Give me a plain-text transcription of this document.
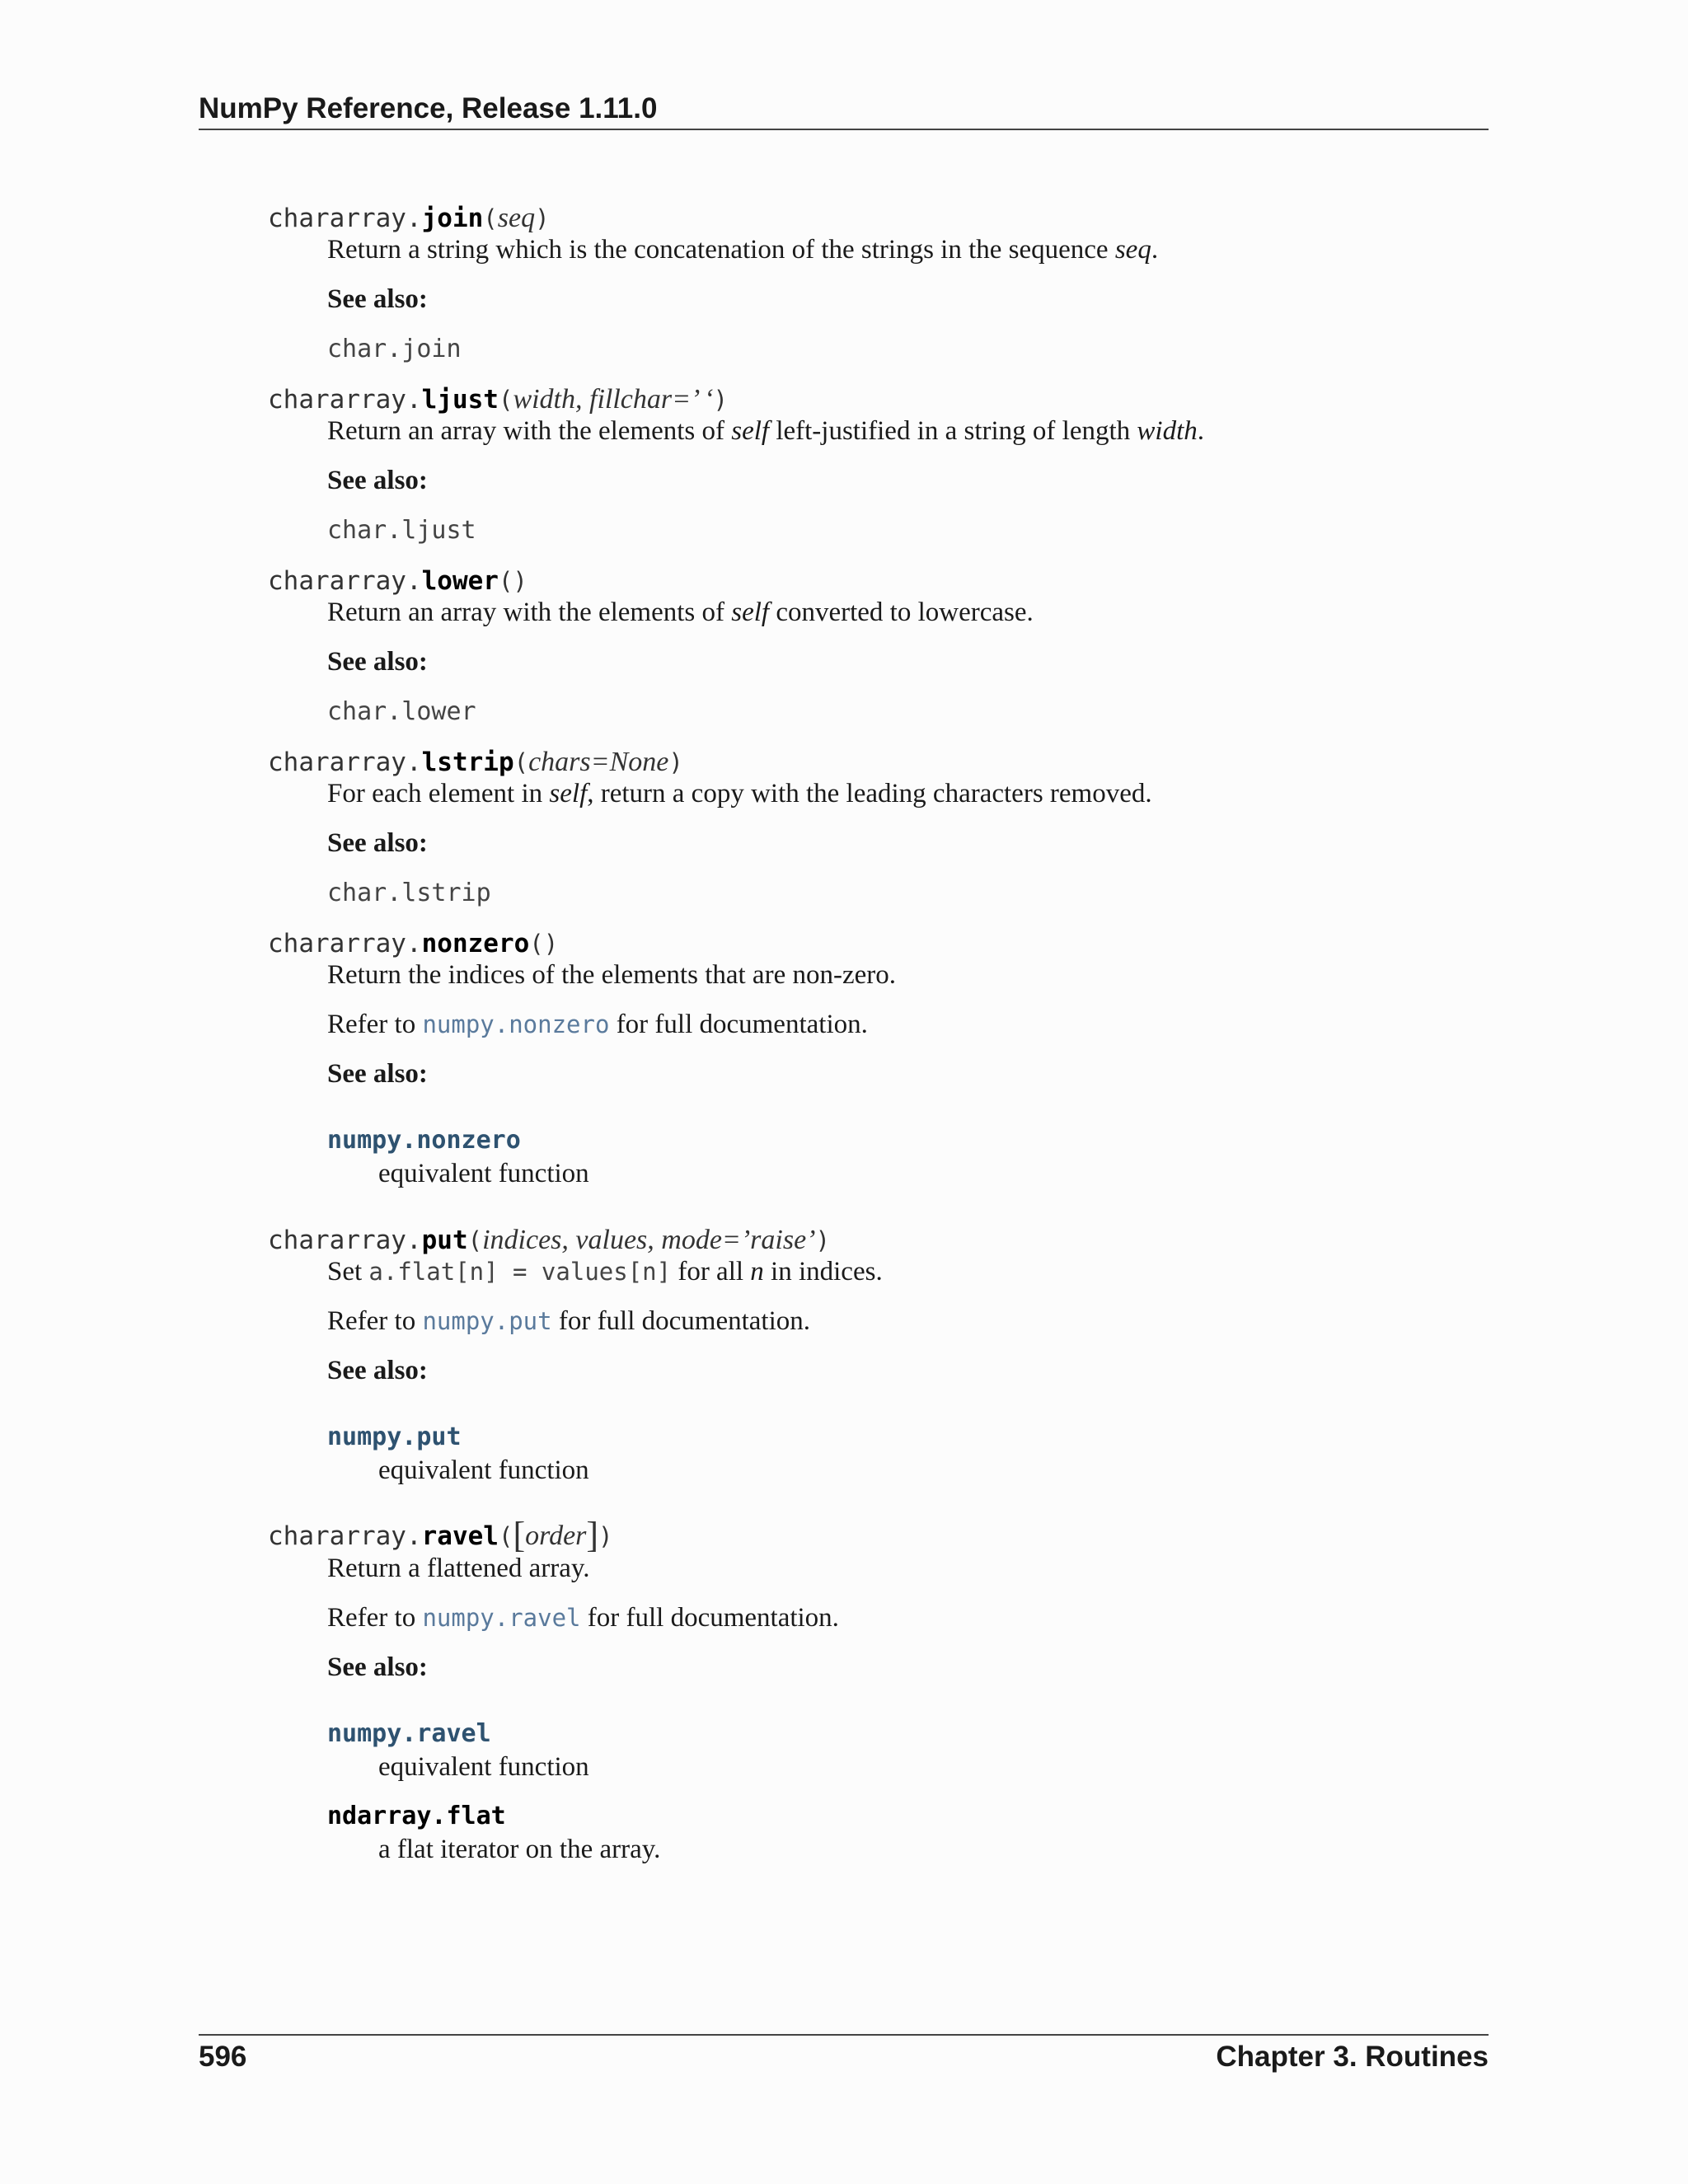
NumPy Reference, Release 1.11.0
chararray.join(seq)
Return a string which is the concatenation of the strings in the sequence seq.
See also:
char.join
chararray.ljust(width, fillchar=’ ‘)
Return an array with the elements of self left-justified in a string of length width.
See also:
char.ljust
chararray.lower()
Return an array with the elements of self converted to lowercase.
See also:
char.lower
chararray.lstrip(chars=None)
For each element in self, return a copy with the leading characters removed.
See also:
char.lstrip
chararray.nonzero()
Return the indices of the elements that are non-zero.
Refer to numpy.nonzero for full documentation.
See also:
numpy.nonzero
equivalent function
chararray.put(indices, values, mode=’raise’)
Set a.flat[n] = values[n] for all n in indices.
Refer to numpy.put for full documentation.
See also:
numpy.put
equivalent function
chararray.ravel([order])
Return a flattened array.
Refer to numpy.ravel for full documentation.
See also:
numpy.ravel
equivalent function
ndarray.flat
a flat iterator on the array.
596	Chapter 3. Routines
